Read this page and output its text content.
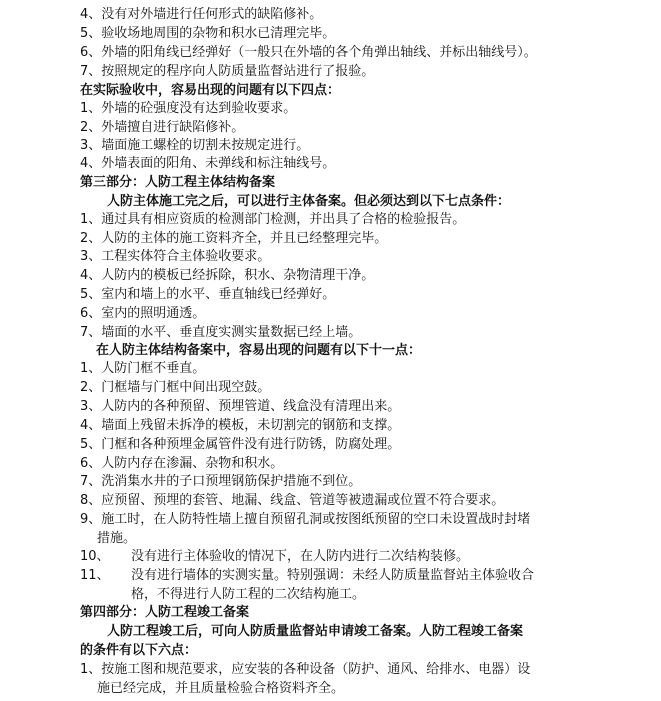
4、没有对外墙进行任何形式的缺陷修补。
5、验收场地周围的杂物和积水已清理完毕。
6、外墙的阳角线已经弹好（一般只在外墙的各个角弹出轴线、并标出轴线号）。
7、按照规定的程序向人防质量监督站进行了报验。
在实际验收中，容易出现的问题有以下四点：
1、外墙的砼强度没有达到验收要求。
2、外墙擅自进行缺陷修补。
3、墙面施工螺栓的切割未按规定进行。
4、外墙表面的阳角、未弹线和标注轴线号。
第三部分：人防工程主体结构备案
人防主体施工完之后，可以进行主体备案。但必须达到以下七点条件：
1、通过具有相应资质的检测部门检测，并出具了合格的检验报告。
2、人防的主体的施工资料齐全，并且已经整理完毕。
3、工程实体符合主体验收要求。
4、人防内的模板已经拆除，积水、杂物清理干净。
5、室内和墙上的水平、垂直轴线已经弹好。
6、室内的照明通透。
7、墙面的水平、垂直度实测实量数据已经上墙。
在人防主体结构备案中，容易出现的问题有以下十一点：
1、人防门框不垂直。
2、门框墙与门框中间出现空鼓。
3、人防内的各种预留、预埋管道、线盒没有清理出来。
4、墙面上残留未拆净的模板，未切割完的钢筋和支撑。
5、门框和各种预埋金属管件没有进行防锈，防腐处理。
6、人防内存在渗漏、杂物和积水。
7、洗消集水井的子口预埋钢筋保护措施不到位。
8、应预留、预埋的套管、地漏、线盒、管道等被遗漏或位置不符合要求。
9、施工时，在人防特性墙上擅自预留孔洞或按图纸预留的空口未设置战时封堵
措施。
10、 没有进行主体验收的情况下，在人防内进行二次结构装修。
11、 没有进行墙体的实测实量。特别强调：未经人防质量监督站主体验收合
格，不得进行人防工程的二次结构施工。
第四部分：人防工程竣工备案
人防工程竣工后，可向人防质量监督站申请竣工备案。人防工程竣工备案
的条件有以下六点：
1、按施工图和规范要求，应安装的各种设备（防护、通风、给排水、电器）设
施已经完成，并且质量检验合格资料齐全。
